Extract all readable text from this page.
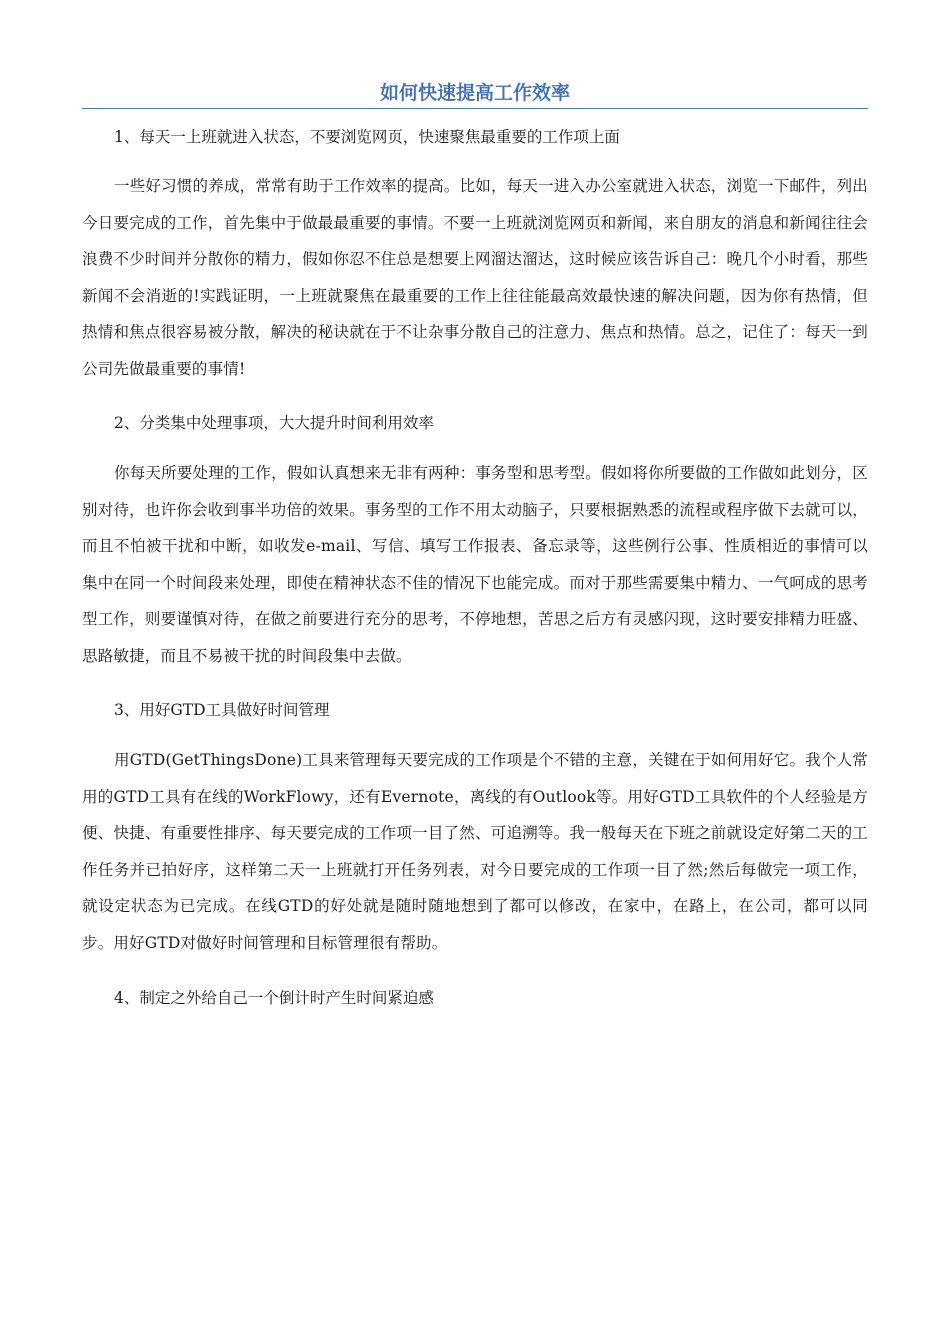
如何快速提高工作效率

1、每天一上班就进入状态，不要浏览网页，快速聚焦最重要的工作项上面

一些好习惯的养成，常常有助于工作效率的提高。比如，每天一进入办公室就进入状态，浏览一下邮件，列出今日要完成的工作，首先集中于做最最重要的事情。不要一上班就浏览网页和新闻，来自朋友的消息和新闻往往会浪费不少时间并分散你的精力，假如你忍不住总是想要上网溜达溜达，这时候应该告诉自己：晚几个小时看，那些新闻不会消逝的!实践证明，一上班就聚焦在最重要的工作上往往能最高效最快速的解决问题，因为你有热情，但热情和焦点很容易被分散，解决的秘诀就在于不让杂事分散自己的注意力、焦点和热情。总之，记住了：每天一到公司先做最重要的事情!

2、分类集中处理事项，大大提升时间利用效率

你每天所要处理的工作，假如认真想来无非有两种：事务型和思考型。假如将你所要做的工作做如此划分，区别对待，也许你会收到事半功倍的效果。事务型的工作不用太动脑子，只要根据熟悉的流程或程序做下去就可以，而且不怕被干扰和中断，如收发e-mail、写信、填写工作报表、备忘录等，这些例行公事、性质相近的事情可以集中在同一个时间段来处理，即使在精神状态不佳的情况下也能完成。而对于那些需要集中精力、一气呵成的思考型工作，则要谨慎对待，在做之前要进行充分的思考，不停地想，苦思之后方有灵感闪现，这时要安排精力旺盛、思路敏捷，而且不易被干扰的时间段集中去做。

3、用好GTD工具做好时间管理

用GTD(GetThingsDone)工具来管理每天要完成的工作项是个不错的主意，关键在于如何用好它。我个人常用的GTD工具有在线的WorkFlowy，还有Evernote，离线的有Outlook等。用好GTD工具软件的个人经验是方便、快捷、有重要性排序、每天要完成的工作项一目了然、可追溯等。我一般每天在下班之前就设定好第二天的工作任务并已拍好序，这样第二天一上班就打开任务列表，对今日要完成的工作项一目了然;然后每做完一项工作，就设定状态为已完成。在线GTD的好处就是随时随地想到了都可以修改，在家中，在路上，在公司，都可以同步。用好GTD对做好时间管理和目标管理很有帮助。

4、制定之外给自己一个倒计时产生时间紧迫感
